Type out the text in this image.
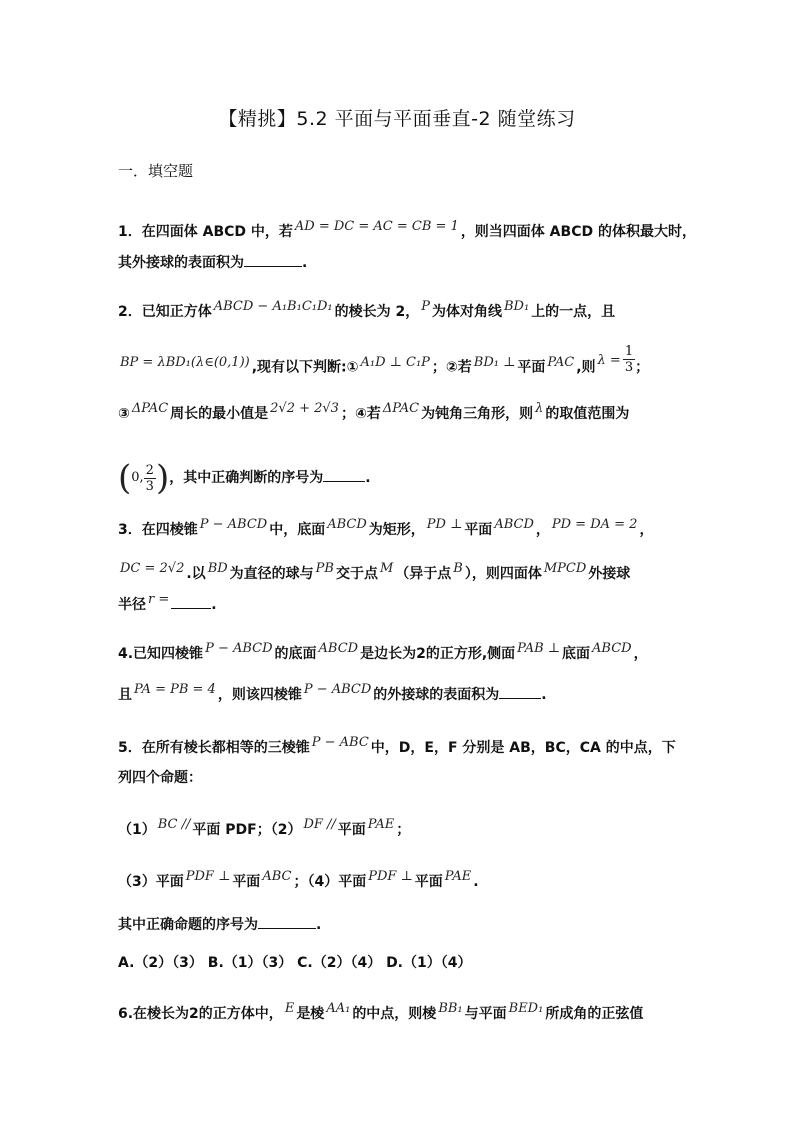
【精挑】5.2 平面与平面垂直-2 随堂练习
一．填空题
1．在四面体 ABCD 中，若 AD = DC = AC = CB = 1 ，则当四面体 ABCD 的体积最大时，
其外接球的表面积为	.
2．已知正方体 ABCD − A₁B₁C₁D₁ 的棱长为 2， P 为体对角线 BD₁ 上的一点，且
BP = λBD₁(λ∈(0,1)) ,现有以下判断:① A₁D ⊥ C₁P ；②若 BD₁ ⊥ 平面 PAC ,则 $\lambda = \frac{1}{3}$ ；
③ ΔPAC 周长的最小值是 2√2 + 2√3 ；④若 ΔPAC 为钝角三角形，则 λ 的取值范围为
(0, $\frac{2}{3}$ )，其中正确判断的序号为	.
3．在四棱锥 P − ABCD 中，底面 ABCD 为矩形， PD ⊥ 平面 ABCD ， PD = DA = 2 ，
DC = 2√2 .以 BD 为直径的球与 PB 交于点 M （异于点 B ），则四面体 MPCD 外接球
半径 r =	.
4.已知四棱锥 P − ABCD 的底面 ABCD 是边长为2的正方形,侧面 PAB ⊥ 底面 ABCD ，
且 PA = PB = 4 ，则该四棱锥 P − ABCD 的外接球的表面积为	.
5．在所有棱长都相等的三棱锥 P − ABC 中，D，E，F 分别是 AB，BC，CA 的中点，下
列四个命题：
（1） BC // 平面 PDF；（2） DF // 平面 PAE ；
（3）平面 PDF ⊥ 平面 ABC ；（4）平面 PDF ⊥ 平面 PAE .
其中正确命题的序号为	.
A.（2）（3） B.（1）（3） C.（2）（4） D.（1）（4）
6.在棱长为2的正方体中， E 是棱 AA₁ 的中点，则棱 BB₁ 与平面 BED₁ 所成角的正弦值
